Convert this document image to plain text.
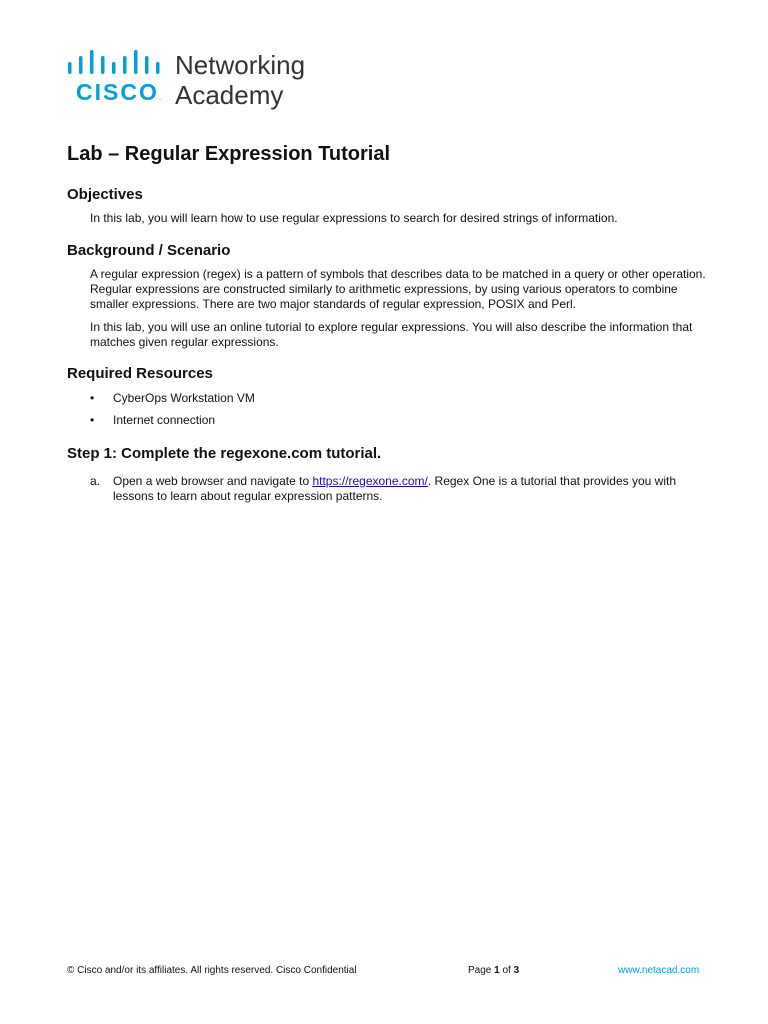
CISCO.
Networking
Academy
Lab – Regular Expression Tutorial
Objectives

In this lab, you will learn how to use regular expressions to search for desired strings of information.

Background / Scenario

A regular expression (regex) is a pattern of symbols that describes data to be matched in a query or other operation. Regular expressions are constructed similarly to arithmetic expressions, by using various operators to combine smaller expressions. There are two major standards of regular expression, POSIX and Perl.

In this lab, you will use an online tutorial to explore regular expressions. You will also describe the information that matches given regular expressions.

Required Resources
• CyberOps Workstation VM
• Internet connection
Step 1: Complete the regexone.com tutorial.
a. Open a web browser and navigate to https://regexone.com/. Regex One is a tutorial that provides you with lessons to learn about regular expression patterns.
© Cisco and/or its affiliates. All rights reserved. Cisco Confidential	Page 1 of 3	www.netacad.com
